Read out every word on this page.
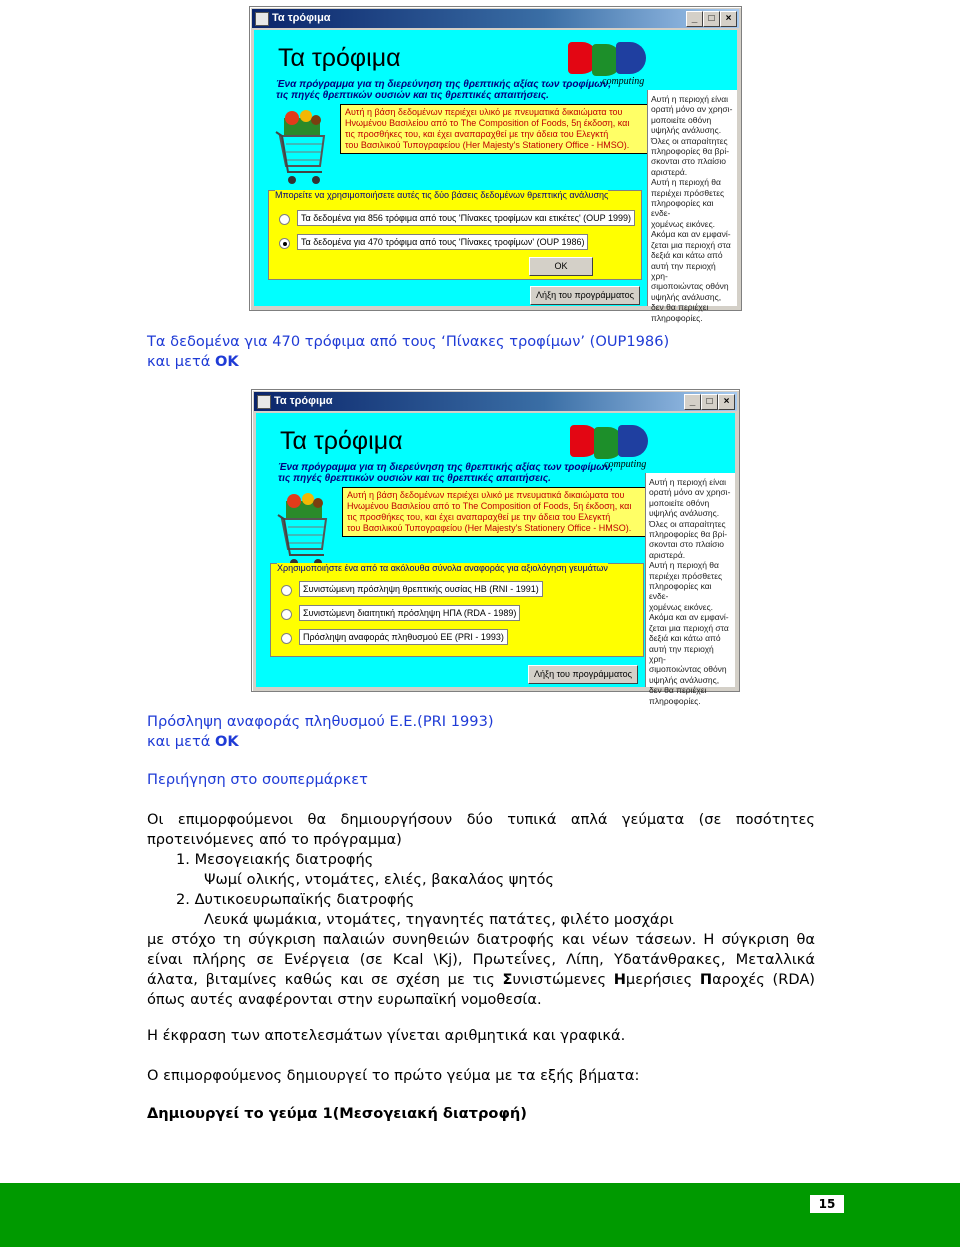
Τα τρόφιμα	_	□	×
Τα τρόφιμα
Ένα πρόγραμμα για τη διερεύνηση της θρεπτικής αξίας των τροφίμων,
τις πηγές θρεπτικών ουσιών και τις θρεπτικές απαιτήσεις.
computing
Αυτή η βάση δεδομένων περιέχει υλικό με πνευματικά δικαιώματα του
Ηνωμένου Βασιλείου από το The Composition of Foods, 5η έκδοση, και
τις προσθήκες του, και έχει αναπαραχθεί με την άδεια του Ελεγκτή
του Βασιλικού Τυπογραφείου (Her Majesty's Stationery Office - HMSO).
Μπορείτε να χρησιμοποιήσετε αυτές τις δύο βάσεις δεδομένων θρεπτικής ανάλυσης
Τα δεδομένα για 856 τρόφιμα από τους 'Πίνακες τροφίμων και ετικέτες' (OUP 1999)
Τα δεδομένα για 470 τρόφιμα από τους 'Πίνακες τροφίμων' (OUP 1986)
OK
Λήξη του προγράμματος
Αυτή η περιοχή είναι
ορατή μόνο αν χρησι-
μοποιείτε οθόνη
υψηλής ανάλυσης.
Όλες οι απαραίτητες
πληροφορίες θα βρί-
σκονται στο πλαίσιο
αριστερά.
Αυτή η περιοχή θα
περιέχει πρόσθετες
πληροφορίες και ενδε-
χομένως εικόνες.
Ακόμα και αν εμφανί-
ζεται μια περιοχή στα
δεξιά και κάτω από
αυτή την περιοχή χρη-
σιμοποιώντας οθόνη
υψηλής ανάλυσης,
δεν θα περιέχει
πληροφορίες.
Τα δεδομένα για 470 τρόφιμα από τους ‘Πίνακες τροφίμων’ (OUP1986)
και μετά OK
Τα τρόφιμα	_	□	×
Τα τρόφιμα
Ένα πρόγραμμα για τη διερεύνηση της θρεπτικής αξίας των τροφίμων,
τις πηγές θρεπτικών ουσιών και τις θρεπτικές απαιτήσεις.
computing
Αυτή η βάση δεδομένων περιέχει υλικό με πνευματικά δικαιώματα του
Ηνωμένου Βασιλείου από το The Composition of Foods, 5η έκδοση, και
τις προσθήκες του, και έχει αναπαραχθεί με την άδεια του Ελεγκτή
του Βασιλικού Τυπογραφείου (Her Majesty's Stationery Office - HMSO).
Χρησιμοποιήστε ένα από τα ακόλουθα σύνολα αναφοράς για αξιολόγηση γευμάτων
Συνιστώμενη πρόσληψη θρεπτικής ουσίας ΗΒ (RNI - 1991)
Συνιστώμενη διαιτητική πρόσληψη ΗΠΑ (RDA - 1989)
Πρόσληψη αναφοράς πληθυσμού ΕΕ (PRI - 1993)
Λήξη του προγράμματος
Αυτή η περιοχή είναι
ορατή μόνο αν χρησι-
μοποιείτε οθόνη
υψηλής ανάλυσης.
Όλες οι απαραίτητες
πληροφορίες θα βρί-
σκονται στο πλαίσιο
αριστερά.
Αυτή η περιοχή θα
περιέχει πρόσθετες
πληροφορίες και ενδε-
χομένως εικόνες.
Ακόμα και αν εμφανί-
ζεται μια περιοχή στα
δεξιά και κάτω από
αυτή την περιοχή χρη-
σιμοποιώντας οθόνη
υψηλής ανάλυσης,
δεν θα περιέχει
πληροφορίες.
Πρόσληψη αναφοράς πληθυσμού Ε.Ε.(PRI 1993)
και μετά OK
Περιήγηση στο σουπερμάρκετ
Οι επιμορφούμενοι θα δημιουργήσουν δύο τυπικά απλά γεύματα (σε ποσότητες προτεινόμενες από το πρόγραμμα)
1. Μεσογειακής διατροφής
Ψωμί ολικής, ντομάτες, ελιές, βακαλάος ψητός
2. Δυτικοευρωπαϊκής διατροφής
Λευκά ψωμάκια, ντομάτες, τηγανητές πατάτες, φιλέτο μοσχάρι
με στόχο τη σύγκριση παλαιών συνηθειών διατροφής και νέων τάσεων. Η σύγκριση θα είναι πλήρης σε Ενέργεια (σε Kcal \Kj), Πρωτεΐνες, Λίπη, Υδατάνθρακες, Μεταλλικά άλατα, βιταμίνες καθώς και σε σχέση με τις Συνιστώμενες Ημερήσιες Παροχές (RDA) όπως αυτές αναφέρονται στην ευρωπαϊκή νομοθεσία.
Η έκφραση των αποτελεσμάτων γίνεται αριθμητικά και γραφικά.
Ο επιμορφούμενος δημιουργεί το πρώτο γεύμα με τα εξής βήματα:
Δημιουργεί το γεύμα 1(Μεσογειακή διατροφή)
15
